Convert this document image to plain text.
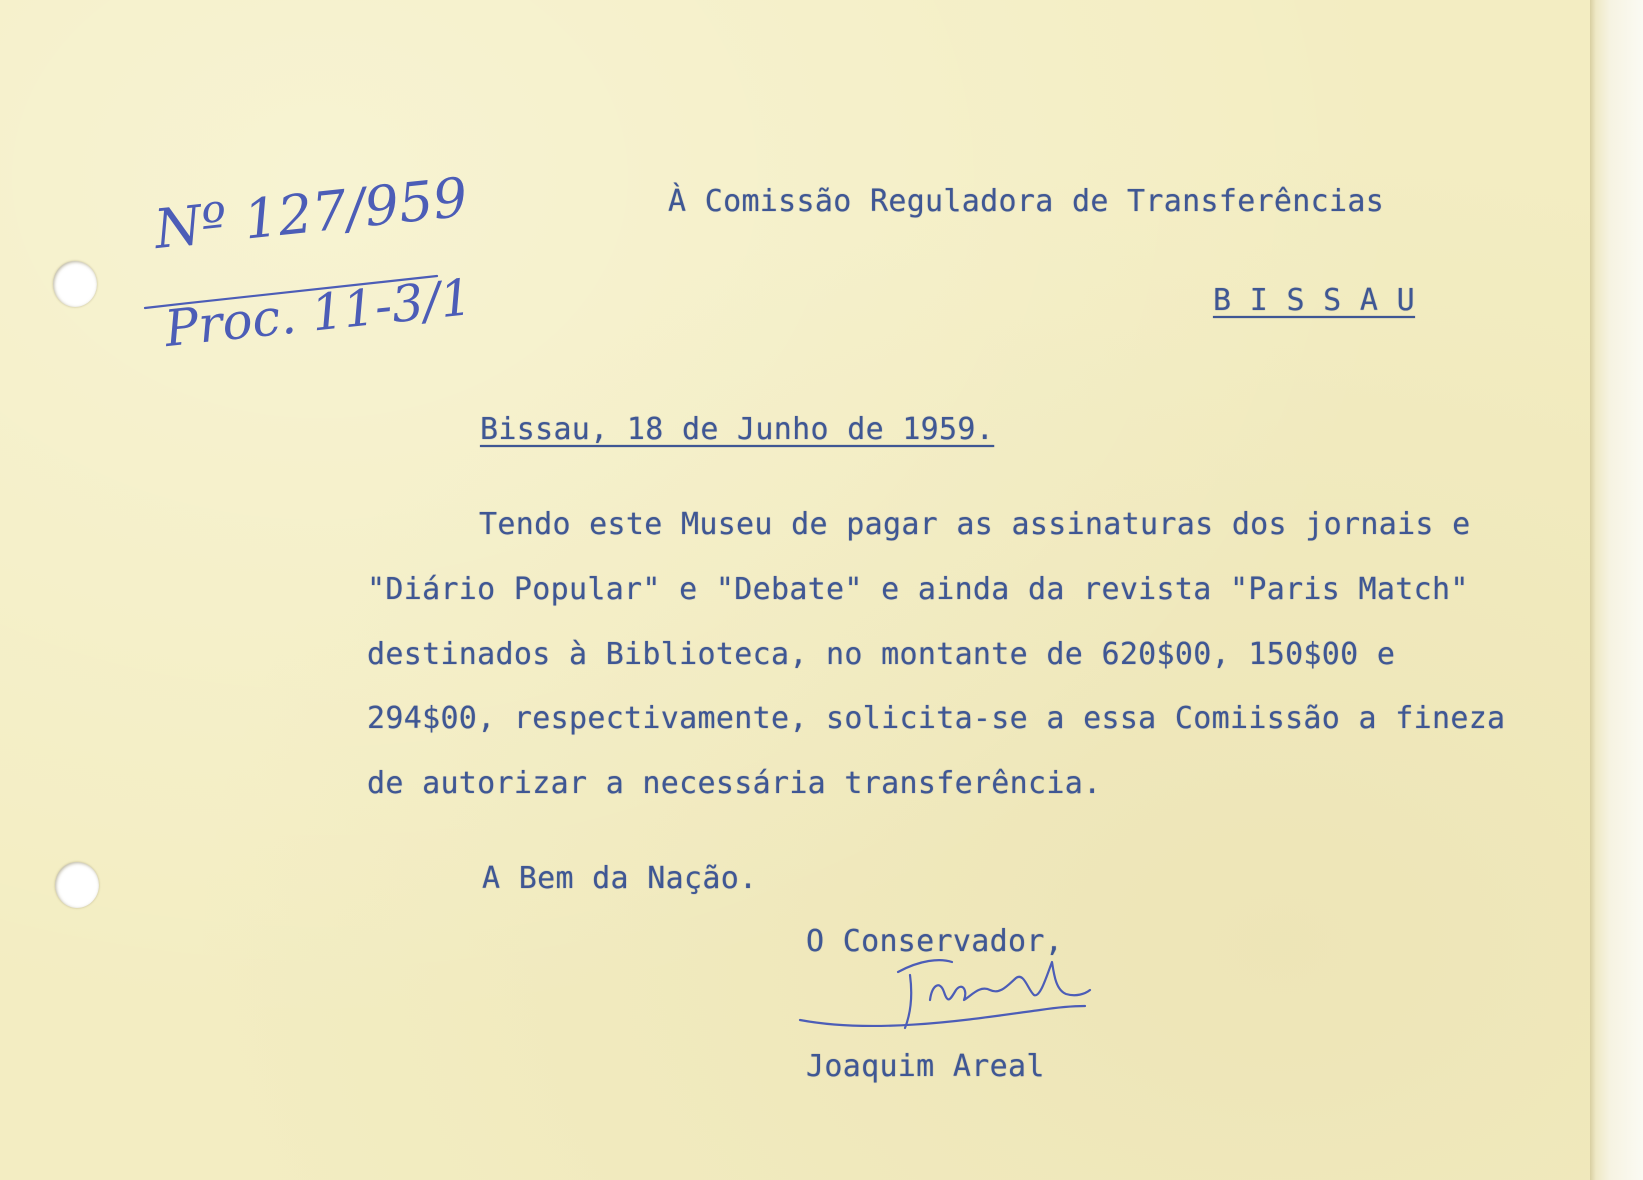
Nº 127/959
Proc. 11-3/1

À Comissão Reguladora de Transferências

B I S S A U

Bissau, 18 de Junho de 1959.

Tendo este Museu de pagar as assinaturas dos jornais e

"Diário Popular" e "Debate" e ainda da revista "Paris Match"

destinados à Biblioteca, no montante de 620$00, 150$00 e

294$00, respectivamente, solicita-se a essa Comiissão a fineza

de autorizar a necessária transferência.

A Bem da Nação.

O Conservador,

Joaquim Areal
